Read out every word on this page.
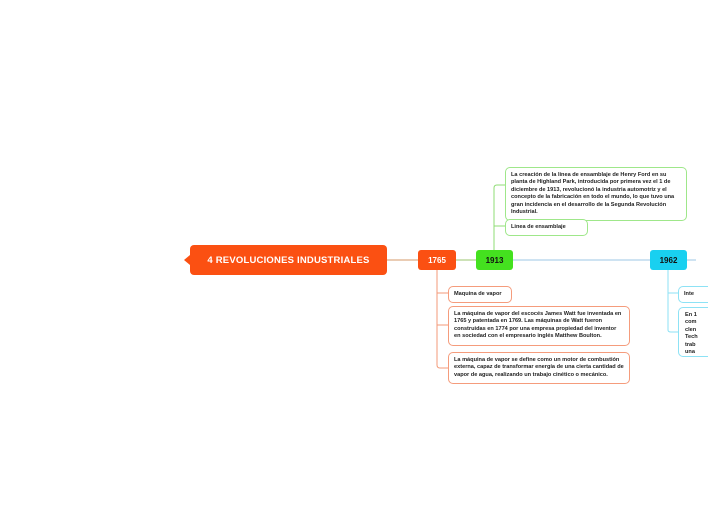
4 REVOLUCIONES INDUSTRIALES	1765	1913	1962
La creación de la línea de ensamblaje de Henry Ford en su planta de Highland Park, introducida por primera vez el 1 de diciembre de 1913, revolucionó la industria automotriz y el concepto de la fabricación en todo el mundo, lo que tuvo una gran incidencia en el desarrollo de la Segunda Revolución Industrial.
Linea de ensamblaje
Maquina de vapor
La máquina de vapor del escocés James Watt fue inventada en 1765 y patentada en 1769. Las máquinas de Watt fueron construidas en 1774 por una empresa propiedad del inventor en sociedad con el empresario inglés Matthew Boulton.
La máquina de vapor se define como un motor de combustión externa, capaz de transformar energía de una cierta cantidad de vapor de agua, realizando un trabajo cinético o mecánico.
Inte
En 1
com
clen
Tech
trab
una
